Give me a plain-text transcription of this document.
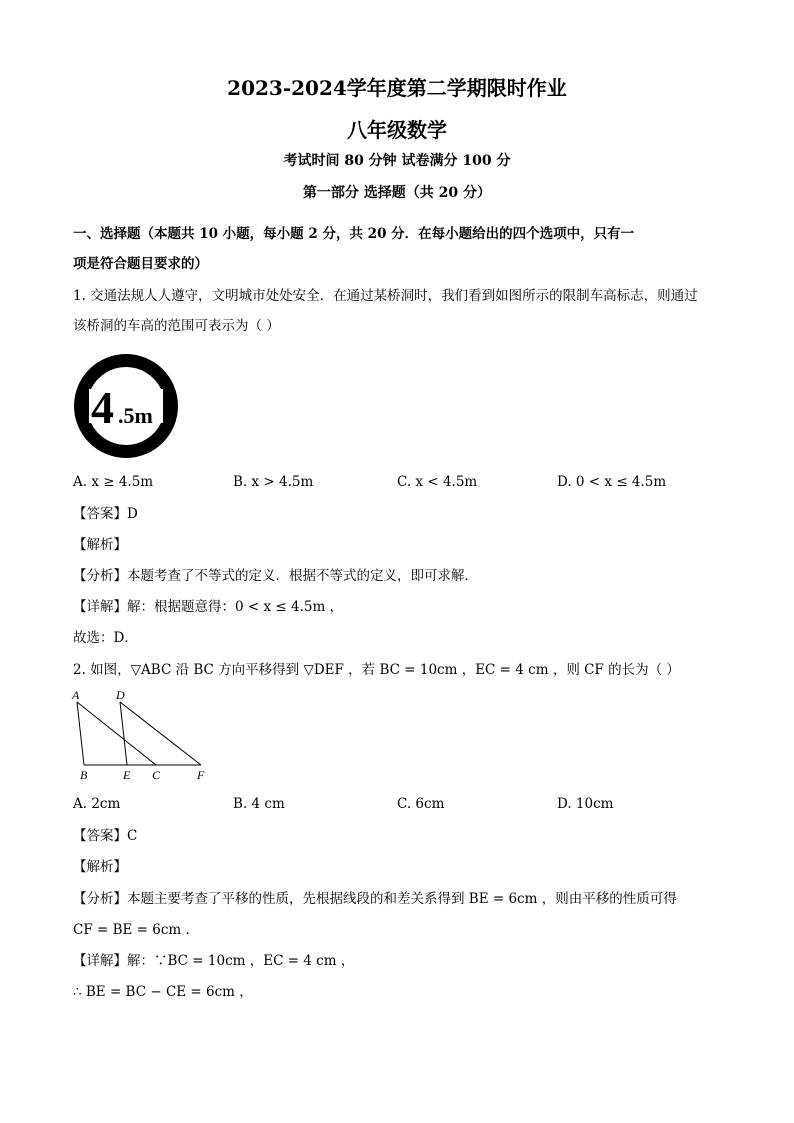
2023-2024学年度第二学期限时作业
八年级数学
考试时间 80 分钟 试卷满分 100 分
第一部分 选择题（共 20 分）
一、选择题（本题共 10 小题，每小题 2 分，共 20 分．在每小题给出的四个选项中，只有一
项是符合题目要求的）
1. 交通法规人人遵守，文明城市处处安全．在通过某桥洞时，我们看到如图所示的限制车高标志，则通过
该桥洞的车高的范围可表示为（ ）
4 .5m
A. x ≥ 4.5m	B. x > 4.5m	C. x < 4.5m	D. 0 < x ≤ 4.5m
【答案】D
【解析】
【分析】本题考查了不等式的定义．根据不等式的定义，即可求解．
【详解】解：根据题意得：0 < x ≤ 4.5m ，
故选：D．
2. 如图，▽ABC 沿 BC 方向平移得到 ▽DEF ，若 BC = 10cm ，EC = 4 cm ，则 CF 的长为（ ）
A	D
B	E C	F
A. 2cm	B. 4 cm	C. 6cm	D. 10cm
【答案】C
【解析】
【分析】本题主要考查了平移的性质，先根据线段的和差关系得到 BE = 6cm ，则由平移的性质可得
CF = BE = 6cm ．
【详解】解：∵BC = 10cm ，EC = 4 cm ，
∴ BE = BC − CE = 6cm ，
